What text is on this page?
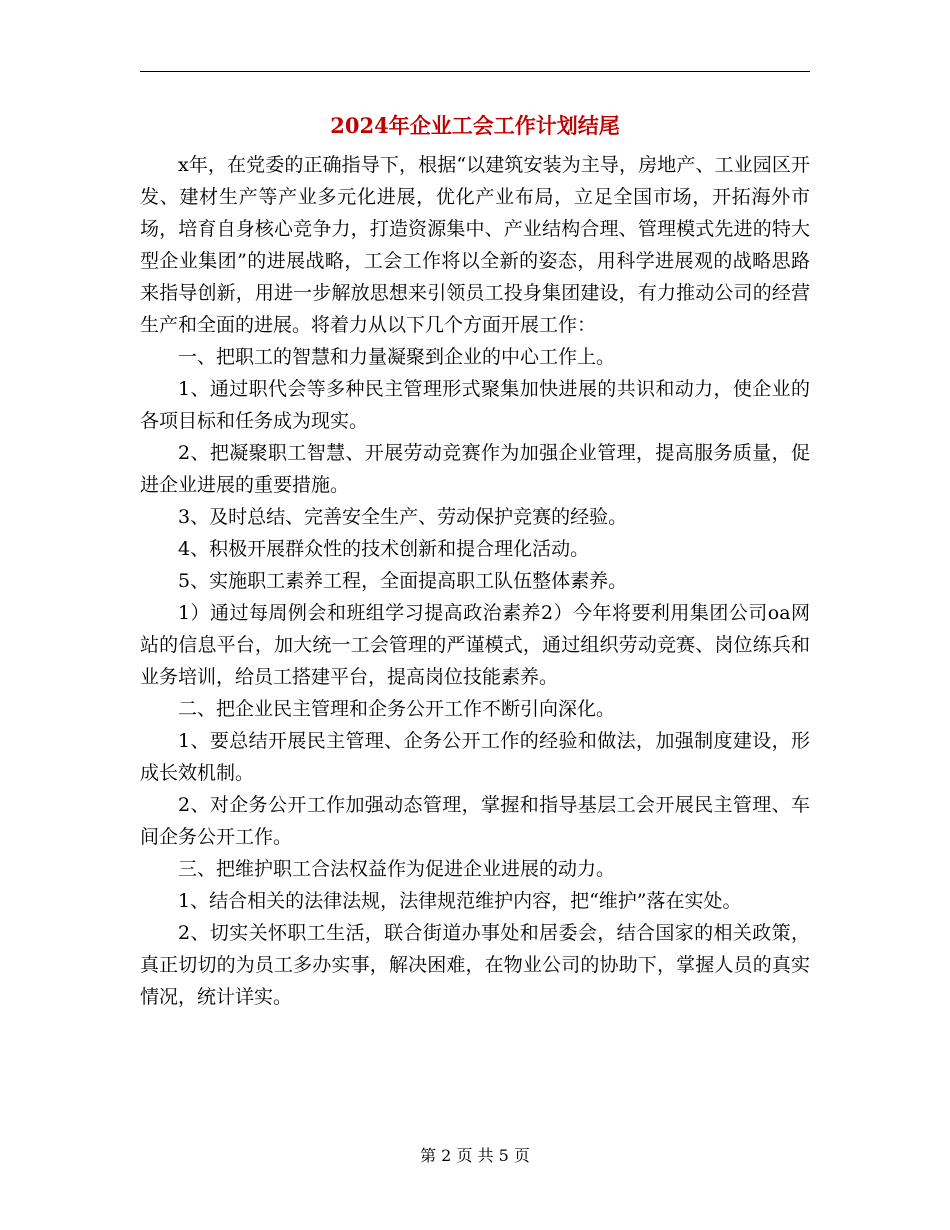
2024年企业工会工作计划结尾

x年，在党委的正确指导下，根据“以建筑安装为主导，房地产、工业园区开发、建材生产等产业多元化进展，优化产业布局，立足全国市场，开拓海外市场，培育自身核心竞争力，打造资源集中、产业结构合理、管理模式先进的特大型企业集团”的进展战略，工会工作将以全新的姿态，用科学进展观的战略思路来指导创新，用进一步解放思想来引领员工投身集团建设，有力推动公司的经营生产和全面的进展。将着力从以下几个方面开展工作：

一、把职工的智慧和力量凝聚到企业的中心工作上。

1、通过职代会等多种民主管理形式聚集加快进展的共识和动力，使企业的各项目标和任务成为现实。

2、把凝聚职工智慧、开展劳动竞赛作为加强企业管理，提高服务质量，促进企业进展的重要措施。

3、及时总结、完善安全生产、劳动保护竞赛的经验。

4、积极开展群众性的技术创新和提合理化活动。

5、实施职工素养工程，全面提高职工队伍整体素养。

1）通过每周例会和班组学习提高政治素养2）今年将要利用集团公司oa网站的信息平台，加大统一工会管理的严谨模式，通过组织劳动竞赛、岗位练兵和业务培训，给员工搭建平台，提高岗位技能素养。

二、把企业民主管理和企务公开工作不断引向深化。

1、要总结开展民主管理、企务公开工作的经验和做法，加强制度建设，形成长效机制。

2、对企务公开工作加强动态管理，掌握和指导基层工会开展民主管理、车间企务公开工作。

三、把维护职工合法权益作为促进企业进展的动力。

1、结合相关的法律法规，法律规范维护内容，把“维护”落在实处。

2、切实关怀职工生活，联合街道办事处和居委会，结合国家的相关政策，真正切切的为员工多办实事，解决困难，在物业公司的协助下，掌握人员的真实情况，统计详实。

第 2 页 共 5 页
